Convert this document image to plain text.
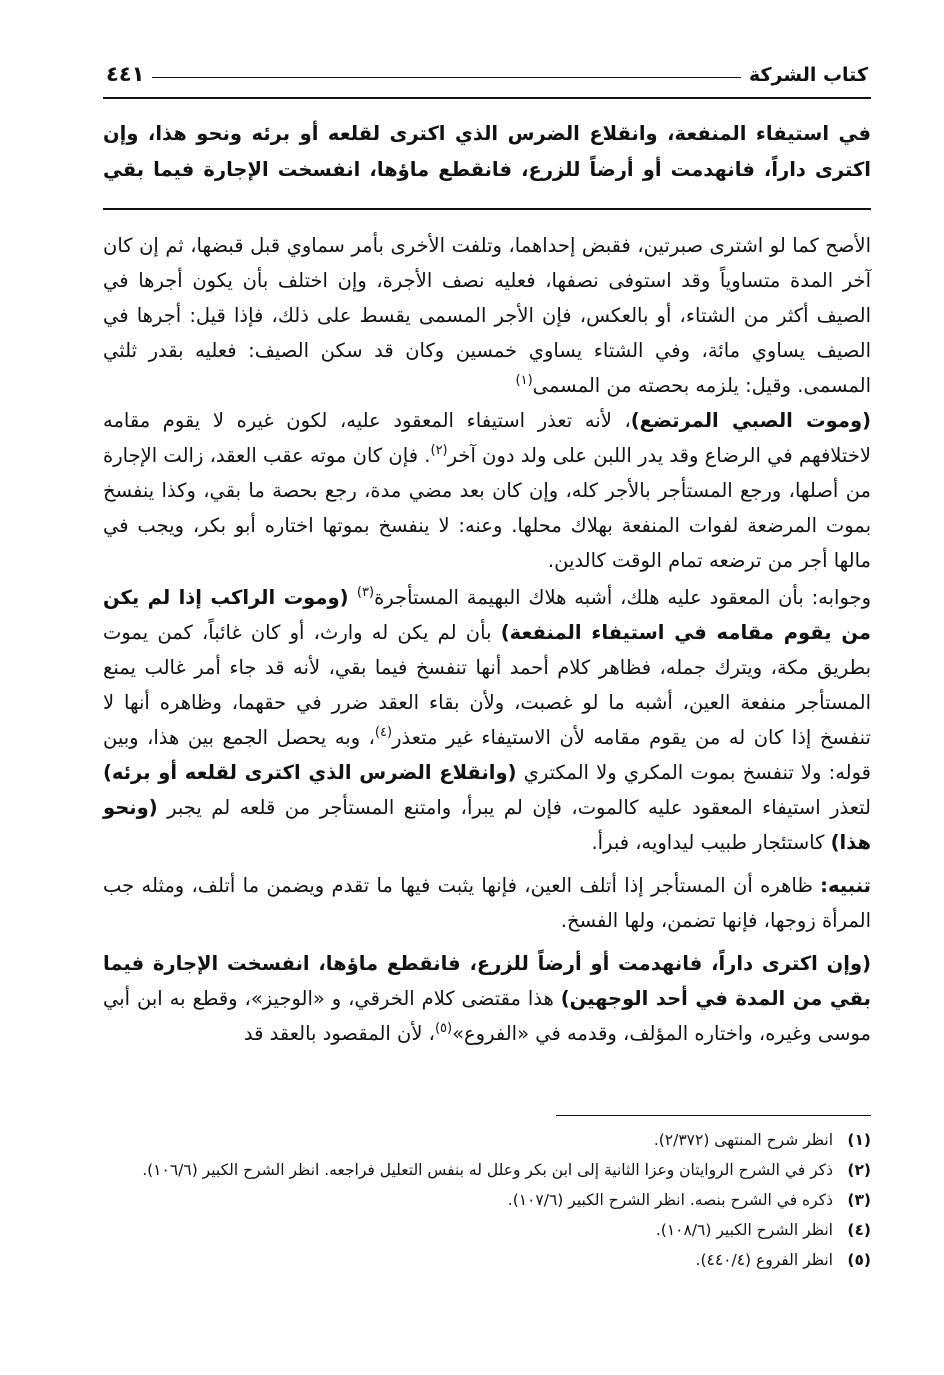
كتاب الشركة
٤٤١

في استيفاء المنفعة، وانقلاع الضرس الذي اكترى لقلعه أو برئه ونحو هذا، وإن

اكترى داراً، فانهدمت أو أرضاً للزرع، فانقطع ماؤها، انفسخت الإجارة فيما بقي

الأصح كما لو اشترى صبرتين، فقبض إحداهما، وتلفت الأخرى بأمر سماوي قبل قبضها، ثم إن كان آخر المدة متساوياً وقد استوفى نصفها، فعليه نصف الأجرة، وإن اختلف بأن يكون أجرها في الصيف أكثر من الشتاء، أو بالعكس، فإن الأجر المسمى يقسط على ذلك، فإذا قيل: أجرها في الصيف يساوي مائة، وفي الشتاء يساوي خمسين وكان قد سكن الصيف: فعليه بقدر ثلثي المسمى. وقيل: يلزمه بحصته من المسمى$^{(١)}$
(وموت الصبي المرتضع)، لأنه تعذر استيفاء المعقود عليه، لكون غيره لا يقوم مقامه لاختلافهم في الرضاع وقد يدر اللبن على ولد دون آخر$^{(٢)}$. فإن كان موته عقب العقد، زالت الإجارة من أصلها، ورجع المستأجر بالأجر كله، وإن كان بعد مضي مدة، رجع بحصة ما بقي، وكذا ينفسخ بموت المرضعة لفوات المنفعة بهلاك محلها. وعنه: لا ينفسخ بموتها اختاره أبو بكر، ويجب في مالها أجر من ترضعه تمام الوقت كالدين.

وجوابه: بأن المعقود عليه هلك، أشبه هلاك البهيمة المستأجرة$^{(٣)}$ (وموت الراكب إذا لم يكن من يقوم مقامه في استيفاء المنفعة) بأن لم يكن له وارث، أو كان غائباً، كمن يموت بطريق مكة، ويترك جمله، فظاهر كلام أحمد أنها تنفسخ فيما بقي، لأنه قد جاء أمر غالب يمنع المستأجر منفعة العين، أشبه ما لو غصبت، ولأن بقاء العقد ضرر في حقهما، وظاهره أنها لا تنفسخ إذا كان له من يقوم مقامه لأن الاستيفاء غير متعذر$^{(٤)}$، وبه يحصل الجمع بين هذا، وبين قوله: ولا تنفسخ بموت المكري ولا المكتري (وانقلاع الضرس الذي اكترى لقلعه أو برئه) لتعذر استيفاء المعقود عليه كالموت، فإن لم يبرأ، وامتنع المستأجر من قلعه لم يجبر (ونحو هذا) كاستئجار طبيب ليداويه، فبرأ.

تنبيه: ظاهره أن المستأجر إذا أتلف العين، فإنها يثبت فيها ما تقدم ويضمن ما أتلف، ومثله جب المرأة زوجها، فإنها تضمن، ولها الفسخ.

(وإن اكترى داراً، فانهدمت أو أرضاً للزرع، فانقطع ماؤها، انفسخت الإجارة فيما بقي من المدة في أحد الوجهين) هذا مقتضى كلام الخرقي، و «الوجيز»، وقطع به ابن أبي موسى وغيره، واختاره المؤلف، وقدمه في «الفروع»$^{(٥)}$، لأن المقصود بالعقد قد

(١)
انظر شرح المنتهى (٢/٣٧٢).
(٢)
ذكر في الشرح الروايتان وعزا الثانية إلى ابن بكر وعلل له بنفس التعليل فراجعه. انظر الشرح الكبير (١٠٦/٦).
(٣)
ذكره في الشرح بنصه. انظر الشرح الكبير (١٠٧/٦).
(٤)
انظر الشرح الكبير (١٠٨/٦).
(٥)
انظر الفروع (٤٤٠/٤).
